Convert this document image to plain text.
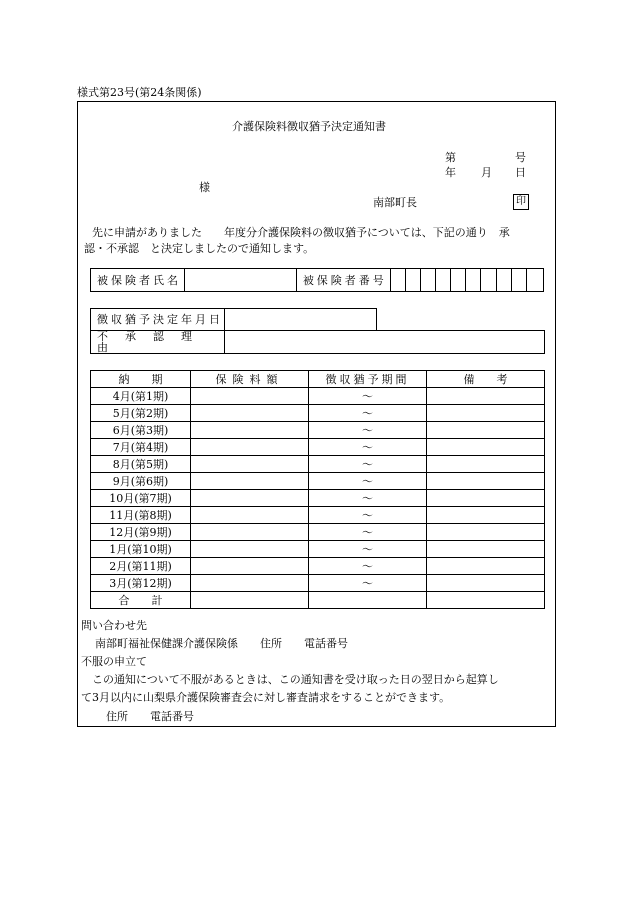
様式第23号(第24条関係)
介護保険料徴収猶予決定通知書
第	号
年 月 日
様
南部町長	印
先に申請がありました　　年度分介護保険料の徴収猶予については、下記の通り　承
認・不承認　と決定しましたので通知します。
被保険者氏名		被保険者番号										
徴収猶予決定年月日	
不承認理由	
納　　期	保険料額	徴収猶予期間	備　　考
4月(第1期)		～	
5月(第2期)		～	
6月(第3期)		～	
7月(第4期)		～	
8月(第5期)		～	
9月(第6期)		～	
10月(第7期)		～	
11月(第8期)		～	
12月(第9期)		～	
1月(第10期)		～	
2月(第11期)		～	
3月(第12期)		～	
合　　計			
問い合わせ先
南部町福祉保健課介護保険係　　住所　　電話番号
不服の申立て
この通知について不服があるときは、この通知書を受け取った日の翌日から起算し
て3月以内に山梨県介護保険審査会に対し審査請求をすることができます。
住所　　電話番号
